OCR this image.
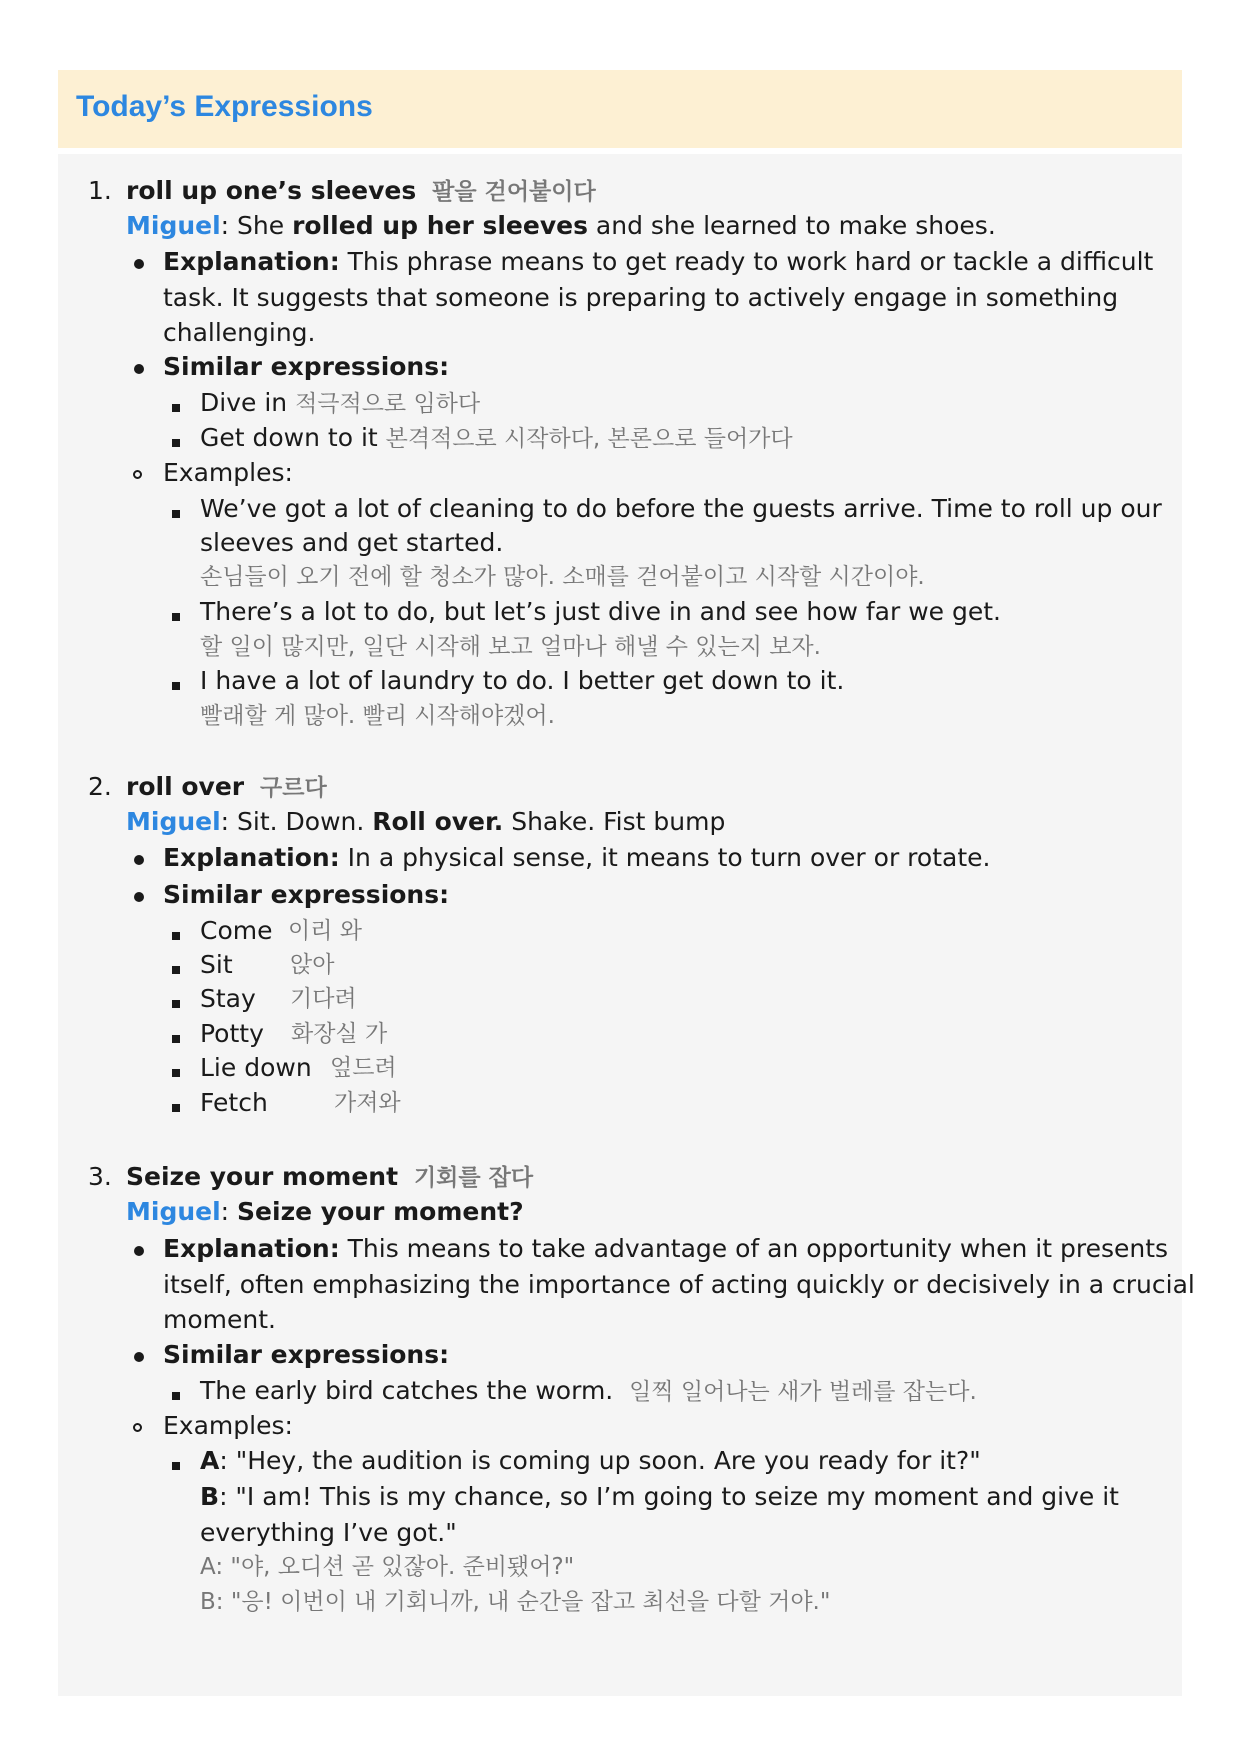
Today’s Expressions
1. roll up one’s sleeves 팔을 걷어붙이다
Miguel: She rolled up her sleeves and she learned to make shoes.
Explanation: This phrase means to get ready to work hard or tackle a difficult
task. It suggests that someone is preparing to actively engage in something
challenging.
Similar expressions:
Dive in 적극적으로 임하다
Get down to it 본격적으로 시작하다, 본론으로 들어가다
Examples:
We’ve got a lot of cleaning to do before the guests arrive. Time to roll up our
sleeves and get started.
손님들이 오기 전에 할 청소가 많아. 소매를 걷어붙이고 시작할 시간이야.
There’s a lot to do, but let’s just dive in and see how far we get.
할 일이 많지만, 일단 시작해 보고 얼마나 해낼 수 있는지 보자.
I have a lot of laundry to do. I better get down to it.
빨래할 게 많아. 빨리 시작해야겠어.
2. roll over 구르다
Miguel: Sit. Down. Roll over. Shake. Fist bump
Explanation: In a physical sense, it means to turn over or rotate.
Similar expressions:
Come 이리 와
Sit 앉아
Stay 기다려
Potty 화장실 가
Lie down 엎드려
Fetch	가져와
3. Seize your moment 기회를 잡다
Miguel: Seize your moment?
Explanation: This means to take advantage of an opportunity when it presents
itself, often emphasizing the importance of acting quickly or decisively in a crucial
moment.
Similar expressions:
The early bird catches the worm. 일찍 일어나는 새가 벌레를 잡는다.
Examples:
A: "Hey, the audition is coming up soon. Are you ready for it?"
B: "I am! This is my chance, so I’m going to seize my moment and give it
everything I’ve got."
A: "야, 오디션 곧 있잖아. 준비됐어?"
B: "응! 이번이 내 기회니까, 내 순간을 잡고 최선을 다할 거야."
